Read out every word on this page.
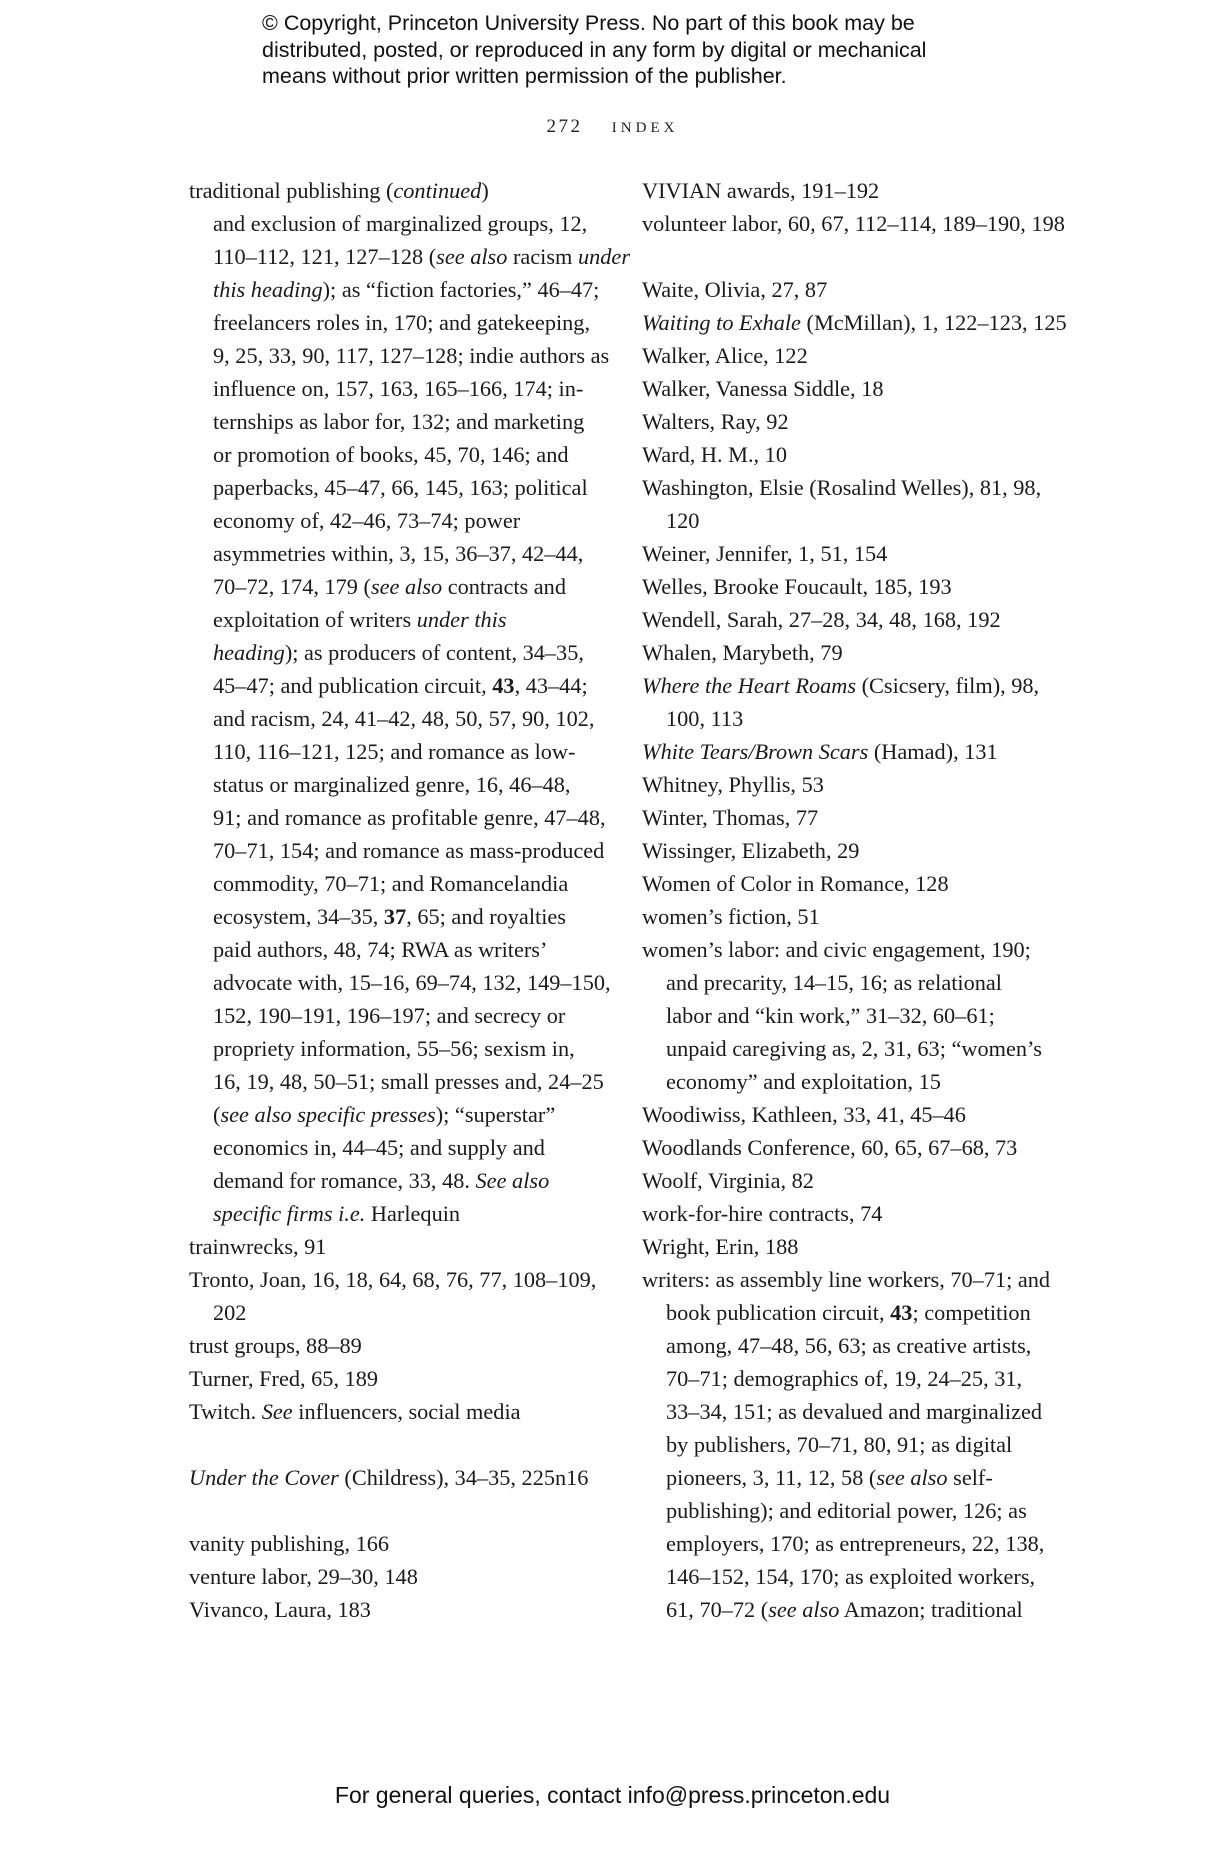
© Copyright, Princeton University Press. No part of this book may be
distributed, posted, or reproduced in any form by digital or mechanical
means without prior written permission of the publisher.
272 index
traditional publishing (continued)
and exclusion of marginalized groups, 12,
110–112, 121, 127–128 (see also racism under
this heading); as “fiction factories,” 46–47;
freelancers roles in, 170; and gatekeeping,
9, 25, 33, 90, 117, 127–128; indie authors as
influence on, 157, 163, 165–166, 174; in-
ternships as labor for, 132; and marketing
or promotion of books, 45, 70, 146; and
paperbacks, 45–47, 66, 145, 163; political
economy of, 42–46, 73–74; power
asymmetries within, 3, 15, 36–37, 42–44,
70–72, 174, 179 (see also contracts and
exploitation of writers under this
heading); as producers of content, 34–35,
45–47; and publication circuit, 43, 43–44;
and racism, 24, 41–42, 48, 50, 57, 90, 102,
110, 116–121, 125; and romance as low-
status or marginalized genre, 16, 46–48,
91; and romance as profitable genre, 47–48,
70–71, 154; and romance as mass-produced
commodity, 70–71; and Romancelandia
ecosystem, 34–35, 37, 65; and royalties
paid authors, 48, 74; RWA as writers’
advocate with, 15–16, 69–74, 132, 149–150,
152, 190–191, 196–197; and secrecy or
propriety information, 55–56; sexism in,
16, 19, 48, 50–51; small presses and, 24–25
(see also specific presses); “superstar”
economics in, 44–45; and supply and
demand for romance, 33, 48. See also
specific firms i.e. Harlequin
trainwrecks, 91
Tronto, Joan, 16, 18, 64, 68, 76, 77, 108–109,
202
trust groups, 88–89
Turner, Fred, 65, 189
Twitch. See influencers, social media
Under the Cover (Childress), 34–35, 225n16
vanity publishing, 166
venture labor, 29–30, 148
Vivanco, Laura, 183
VIVIAN awards, 191–192
volunteer labor, 60, 67, 112–114, 189–190, 198
Waite, Olivia, 27, 87
Waiting to Exhale (McMillan), 1, 122–123, 125
Walker, Alice, 122
Walker, Vanessa Siddle, 18
Walters, Ray, 92
Ward, H. M., 10
Washington, Elsie (Rosalind Welles), 81, 98,
120
Weiner, Jennifer, 1, 51, 154
Welles, Brooke Foucault, 185, 193
Wendell, Sarah, 27–28, 34, 48, 168, 192
Whalen, Marybeth, 79
Where the Heart Roams (Csicsery, film), 98,
100, 113
White Tears/Brown Scars (Hamad), 131
Whitney, Phyllis, 53
Winter, Thomas, 77
Wissinger, Elizabeth, 29
Women of Color in Romance, 128
women’s fiction, 51
women’s labor: and civic engagement, 190;
and precarity, 14–15, 16; as relational
labor and “kin work,” 31–32, 60–61;
unpaid caregiving as, 2, 31, 63; “women’s
economy” and exploitation, 15
Woodiwiss, Kathleen, 33, 41, 45–46
Woodlands Conference, 60, 65, 67–68, 73
Woolf, Virginia, 82
work-for-hire contracts, 74
Wright, Erin, 188
writers: as assembly line workers, 70–71; and
book publication circuit, 43; competition
among, 47–48, 56, 63; as creative artists,
70–71; demographics of, 19, 24–25, 31,
33–34, 151; as devalued and marginalized
by publishers, 70–71, 80, 91; as digital
pioneers, 3, 11, 12, 58 (see also self-
publishing); and editorial power, 126; as
employers, 170; as entrepreneurs, 22, 138,
146–152, 154, 170; as exploited workers,
61, 70–72 (see also Amazon; traditional
For general queries, contact info@press.princeton.edu
